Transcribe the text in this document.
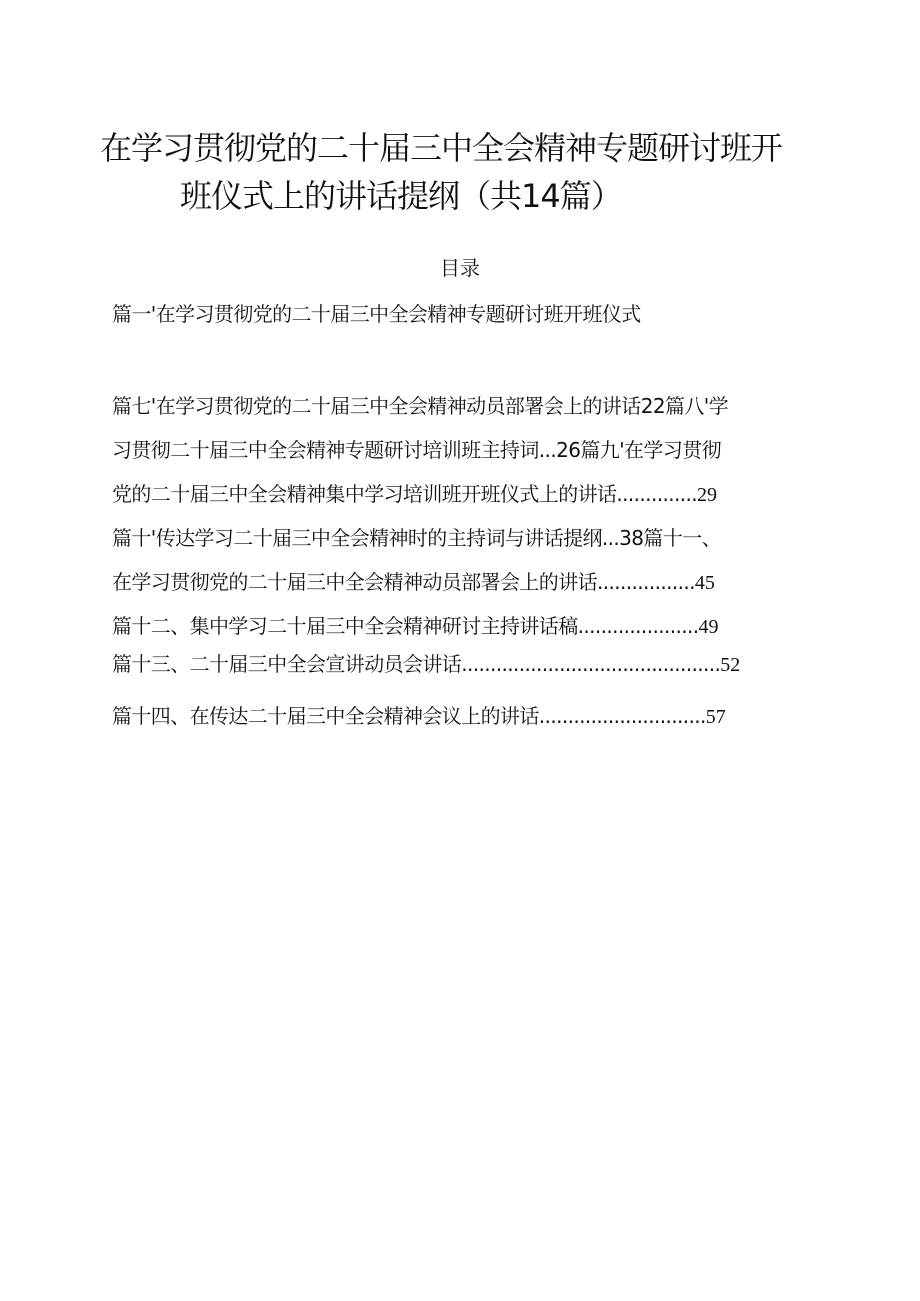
在学习贯彻党的二十届三中全会精神专题研讨班开
班仪式上的讲话提纲（共14篇）
目录
篇一'在学习贯彻党的二十届三中全会精神专题研讨班开班仪式
篇七'在学习贯彻党的二十届三中全会精神动员部署会上的讲话22篇八'学
习贯彻二十届三中全会精神专题研讨培训班主持词...26篇九'在学习贯彻
党的二十届三中全会精神集中学习培训班开班仪式上的讲话..............29
篇十'传达学习二十届三中全会精神时的主持词与讲话提纲...38篇十一、
在学习贯彻党的二十届三中全会精神动员部署会上的讲话.................45
篇十二、集中学习二十届三中全会精神研讨主持讲话稿.....................49
篇十三、二十届三中全会宣讲动员会讲话.............................................52
篇十四、在传达二十届三中全会精神会议上的讲话.............................57
